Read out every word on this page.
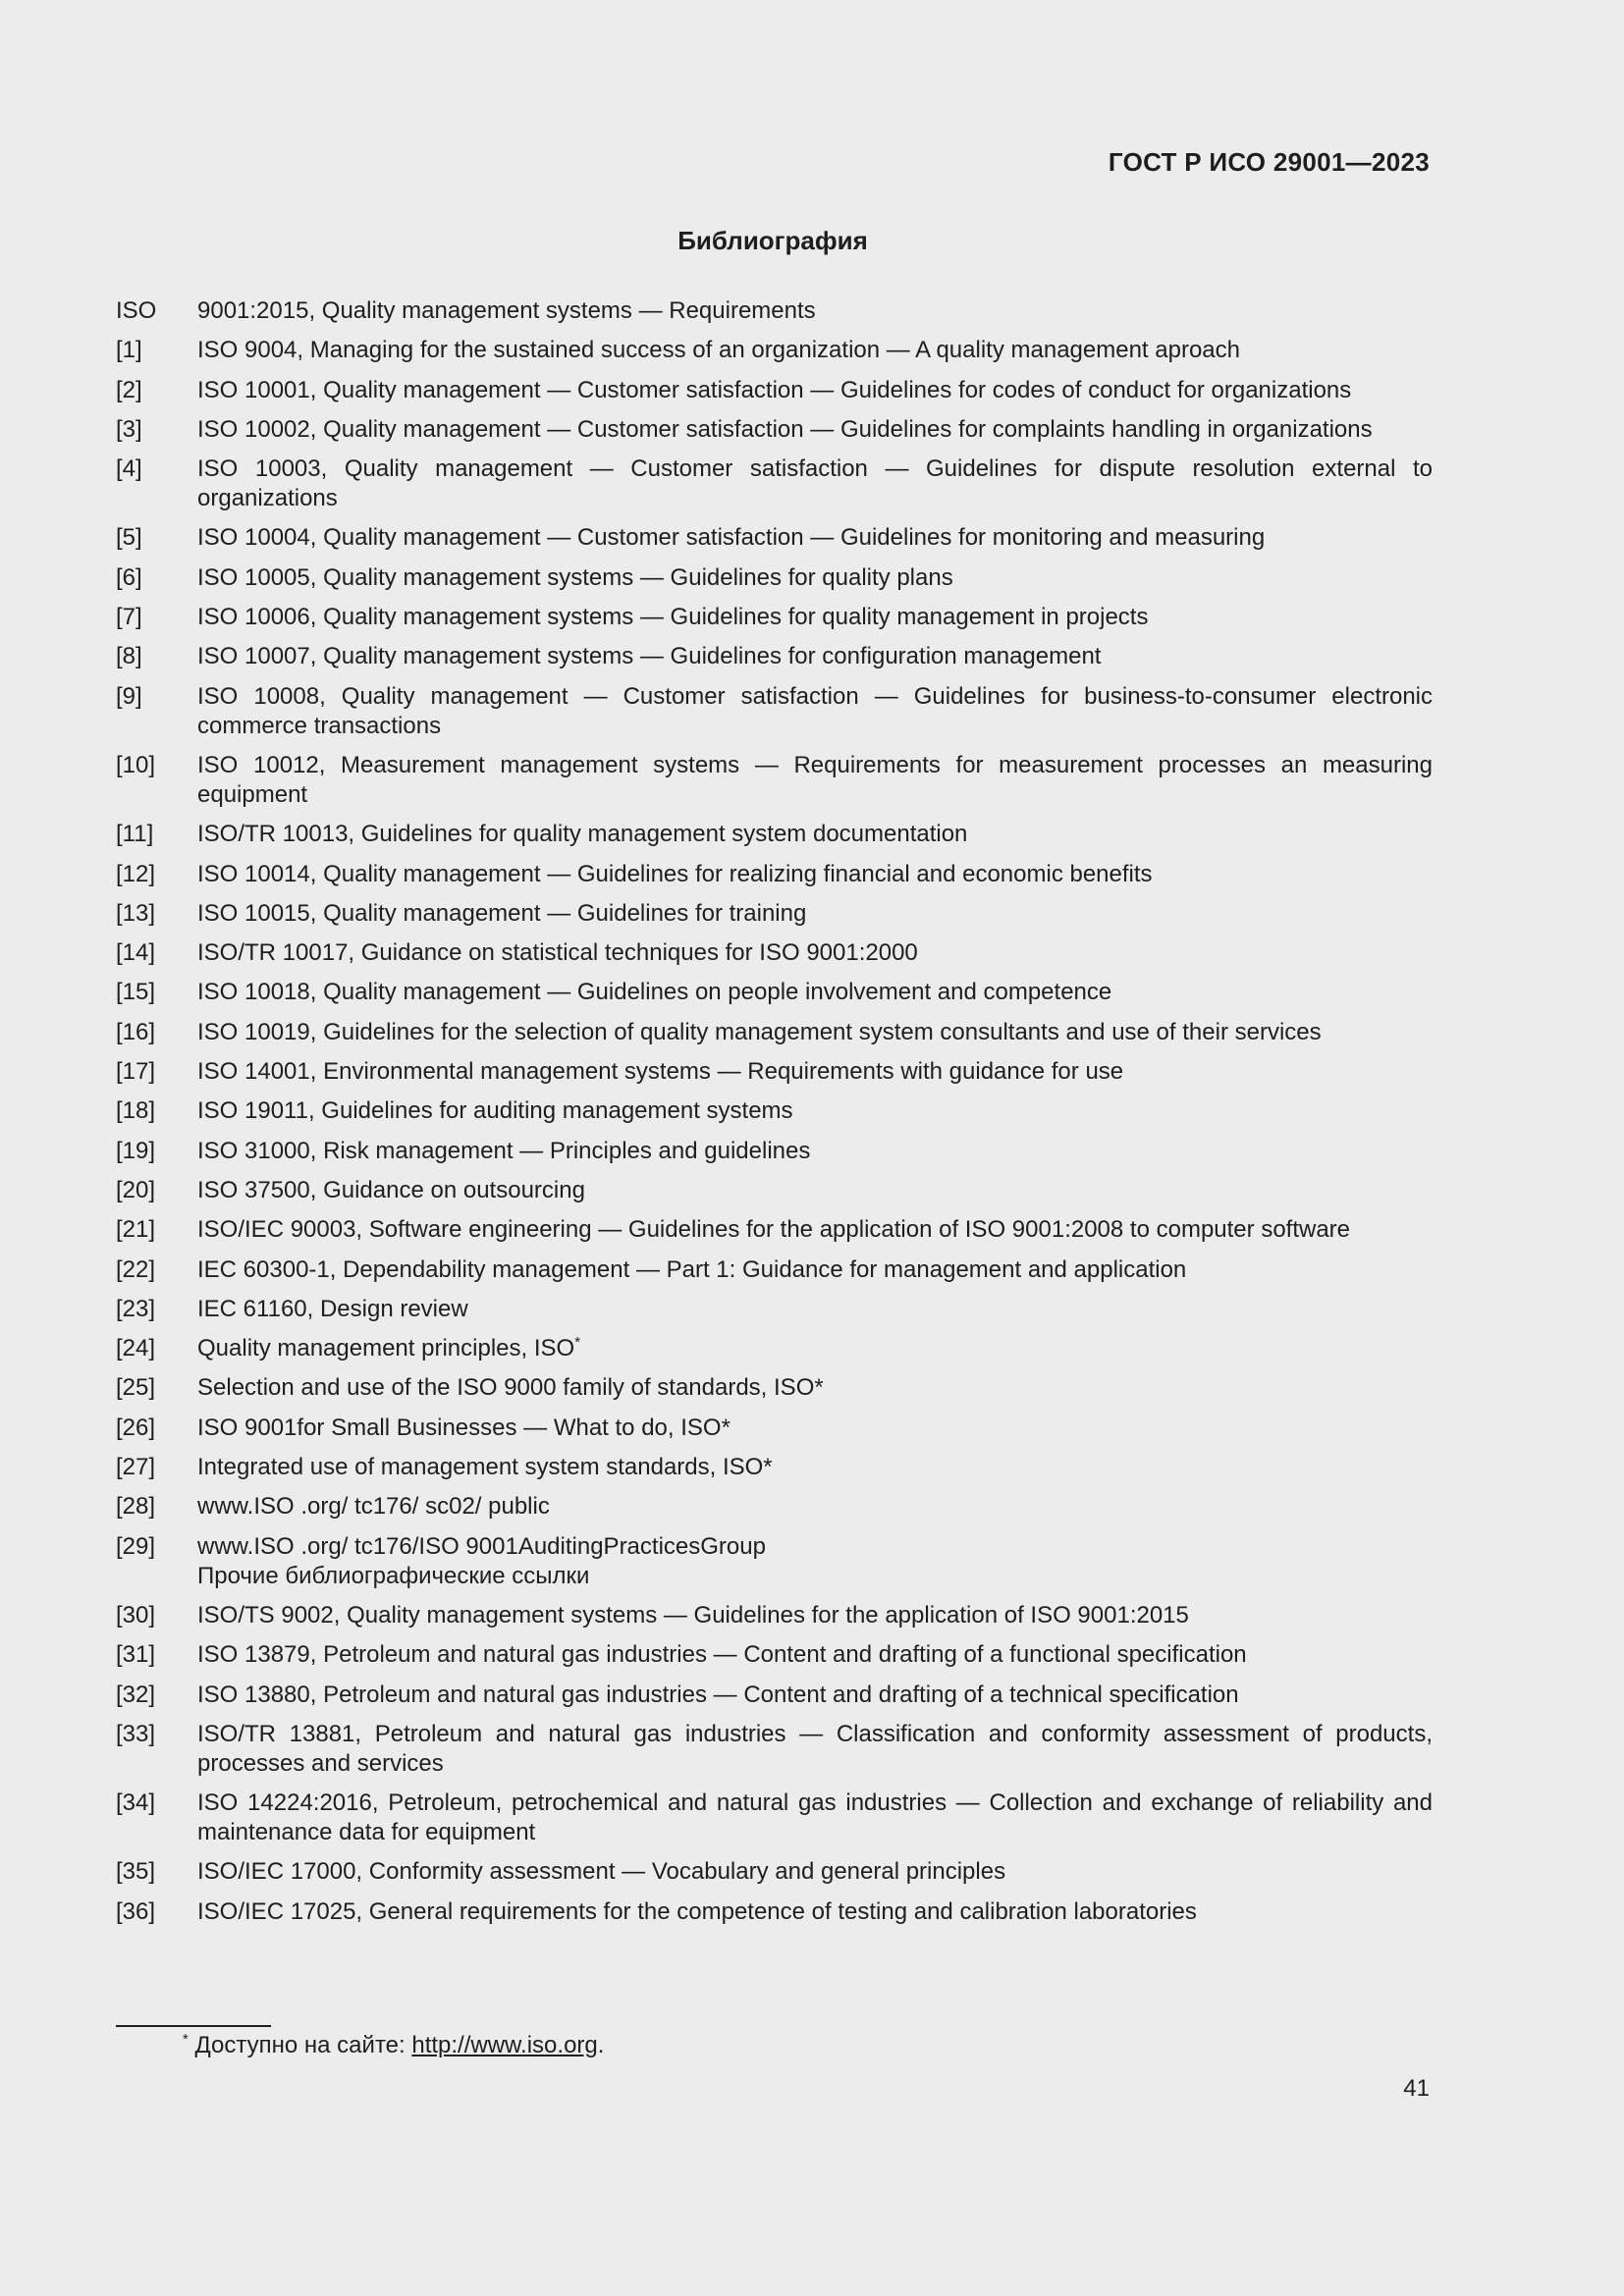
ГОСТ Р ИСО 29001—2023
Библиография
ISO	9001:2015, Quality management systems — Requirements
[1]	ISO 9004, Managing for the sustained success of an organization — A quality management aproach
[2]	ISO 10001, Quality management — Customer satisfaction — Guidelines for codes of conduct for organizations
[3]	ISO 10002, Quality management — Customer satisfaction — Guidelines for complaints handling in organizations
[4]	ISO 10003, Quality management — Customer satisfaction — Guidelines for dispute resolution external to organizations
[5]	ISO 10004, Quality management — Customer satisfaction — Guidelines for monitoring and measuring
[6]	ISO 10005, Quality management systems — Guidelines for quality plans
[7]	ISO 10006, Quality management systems — Guidelines for quality management in projects
[8]	ISO 10007, Quality management systems — Guidelines for configuration management
[9]	ISO 10008, Quality management — Customer satisfaction — Guidelines for business-to-consumer electronic commerce transactions
[10]	ISO 10012, Measurement management systems — Requirements for measurement processes an measuring equipment
[11]	ISO/TR 10013, Guidelines for quality management system documentation
[12]	ISO 10014, Quality management — Guidelines for realizing financial and economic benefits
[13]	ISO 10015, Quality management — Guidelines for training
[14]	ISO/TR 10017, Guidance on statistical techniques for ISO 9001:2000
[15]	ISO 10018, Quality management — Guidelines on people involvement and competence
[16]	ISO 10019, Guidelines for the selection of quality management system consultants and use of their services
[17]	ISO 14001, Environmental management systems — Requirements with guidance for use
[18]	ISO 19011, Guidelines for auditing management systems
[19]	ISO 31000, Risk management — Principles and guidelines
[20]	ISO 37500, Guidance on outsourcing
[21]	ISO/IEC 90003, Software engineering — Guidelines for the application of ISO 9001:2008 to computer software
[22]	IEC 60300-1, Dependability management — Part 1: Guidance for management and application
[23]	IEC 61160, Design review
[24]	Quality management principles, ISO*
[25]	Selection and use of the ISO 9000 family of standards, ISO*
[26]	ISO 9001for Small Businesses — What to do, ISO*
[27]	Integrated use of management system standards, ISO*
[28]	www.ISO .org/ tc176/ sc02/ public
[29]	www.ISO .org/ tc176/ISO 9001AuditingPracticesGroup
Прочие библиографические ссылки
[30]	ISO/TS 9002, Quality management systems — Guidelines for the application of ISO 9001:2015
[31]	ISO 13879, Petroleum and natural gas industries — Content and drafting of a functional specification
[32]	ISO 13880, Petroleum and natural gas industries — Content and drafting of a technical specification
[33]	ISO/TR 13881, Petroleum and natural gas industries — Classification and conformity assessment of products, processes and services
[34]	ISO 14224:2016, Petroleum, petrochemical and natural gas industries — Collection and exchange of reliability and maintenance data for equipment
[35]	ISO/IEC 17000, Conformity assessment — Vocabulary and general principles
[36]	ISO/IEC 17025, General requirements for the competence of testing and calibration laboratories
* Доступно на сайте: http://www.iso.org.
41
